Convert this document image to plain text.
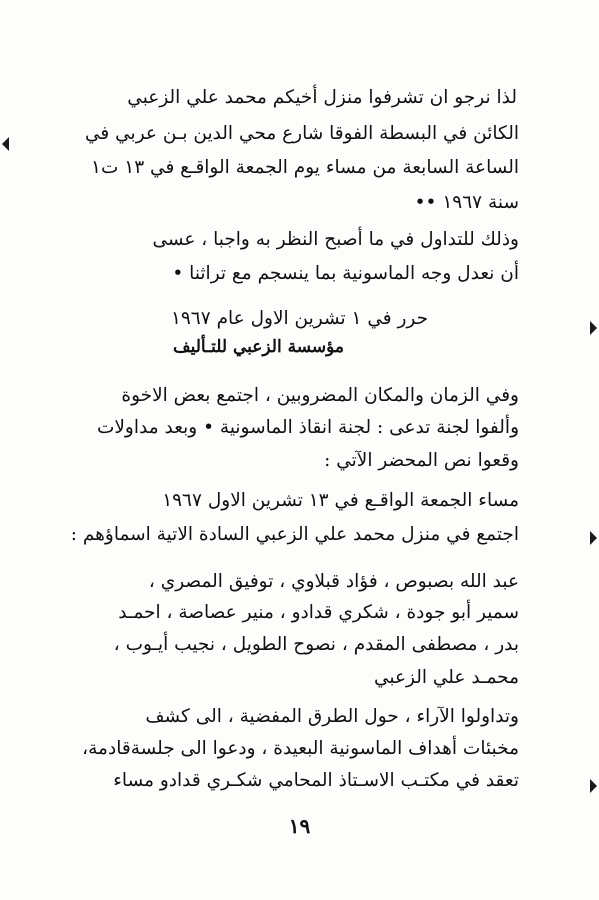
لذا نرجو ان تشرفوا منزل أخيكم محمد علي الزعبي
الكائن في البسطة الفوقا شارع محي الدين بـن عربي في
الساعة السابعة من مساء يوم الجمعة الواقـع في ١٣ ت١
سنة ١٩٦٧ ••
وذلك للتداول في ما أصبح النظر به واجبا ، عسى
أن نعدل وجه الماسونية بما ينسجم مع تراثنا •
حرر في ١ تشرين الاول عام ١٩٦٧
مؤسسة الزعبي للتـأليف
وفي الزمان والمكان المضروبين ، اجتمع بعض الاخوة
وألفوا لجنة تدعى : لجنة انقاذ الماسونية • وبعد مداولات
وقعوا نص المحضر الآتي :
مساء الجمعة الواقـع في ١٣ تشرين الاول ١٩٦٧
اجتمع في منزل محمد علي الزعبي السادة الاتية اسماؤهم :
عبد الله بصبوص ، فؤاد قبلاوي ، توفيق المصري ،
سمير أبو جودة ، شكري قدادو ، منير عصاصة ، احمـد
بدر ، مصطفى المقدم ، نصوح الطويل ، نجيب أيـوب ،
محمـد علي الزعبي
وتداولوا الآراء ، حول الطرق المفضية ، الى كشف
مخبئات أهداف الماسونية البعيدة ، ودعوا الى جلسةقادمة،
تعقد في مكتـب الاسـتاذ المحامي شكـري قدادو مساء
١٩
